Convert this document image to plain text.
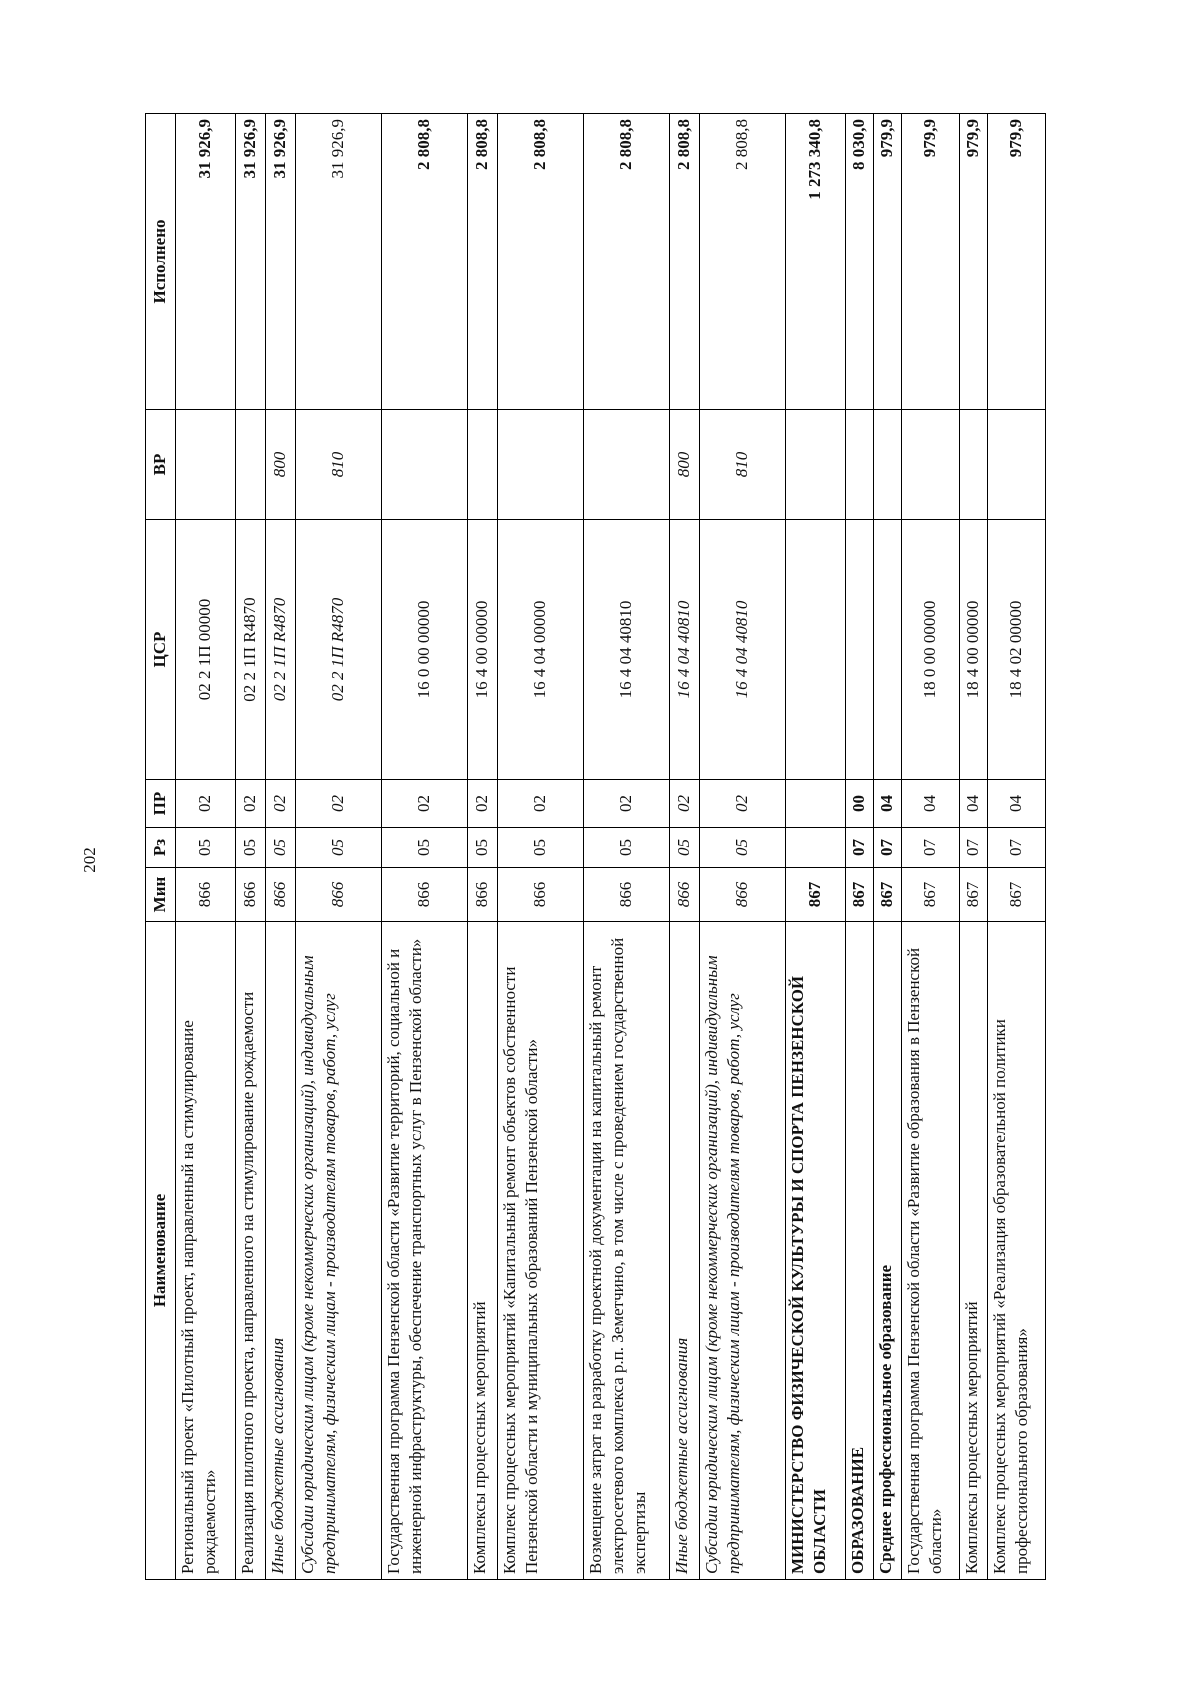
202
Наименование	Мин	Рз	ПР	ЦСР	ВР	Исполнено
Региональный проект «Пилотный проект, направленный на стимулирование рождаемости»	866	05	02	02 2 1П 00000		31 926,9
Реализация пилотного проекта, направленного на стимулирование рождаемости	866	05	02	02 2 1П R4870		31 926,9
Иные бюджетные ассигнования	866	05	02	02 2 1П R4870	800	31 926,9
Субсидии юридическим лицам (кроме некоммерческих организаций), индивидуальным предпринимателям, физическим лицам - производителям товаров, работ, услуг	866	05	02	02 2 1П R4870	810	31 926,9
Государственная программа Пензенской области «Развитие территорий, социальной и инженерной инфраструктуры, обеспечение транспортных услуг в Пензенской области»	866	05	02	16 0 00 00000		2 808,8
Комплексы процессных мероприятий	866	05	02	16 4 00 00000		2 808,8
Комплекс процессных мероприятий «Капитальный ремонт объектов собственности Пензенской области и муниципальных образований Пензенской области»	866	05	02	16 4 04 00000		2 808,8
Возмещение затрат на разработку проектной документации на капитальный ремонт электросетевого комплекса р.п. Земетчино, в том числе с проведением государственной экспертизы	866	05	02	16 4 04 40810		2 808,8
Иные бюджетные ассигнования	866	05	02	16 4 04 40810	800	2 808,8
Субсидии юридическим лицам (кроме некоммерческих организаций), индивидуальным предпринимателям, физическим лицам - производителям товаров, работ, услуг	866	05	02	16 4 04 40810	810	2 808,8
МИНИСТЕРСТВО ФИЗИЧЕСКОЙ КУЛЬТУРЫ И СПОРТА ПЕНЗЕНСКОЙ ОБЛАСТИ	867					1 273 340,8
ОБРАЗОВАНИЕ	867	07	00			8 030,0
Среднее профессиональное образование	867	07	04			979,9
Государственная программа Пензенской области «Развитие образования в Пензенской области»	867	07	04	18 0 00 00000		979,9
Комплексы процессных мероприятий	867	07	04	18 4 00 00000		979,9
Комплекс процессных мероприятий «Реализация образовательной политики профессионального образования»	867	07	04	18 4 02 00000		979,9
